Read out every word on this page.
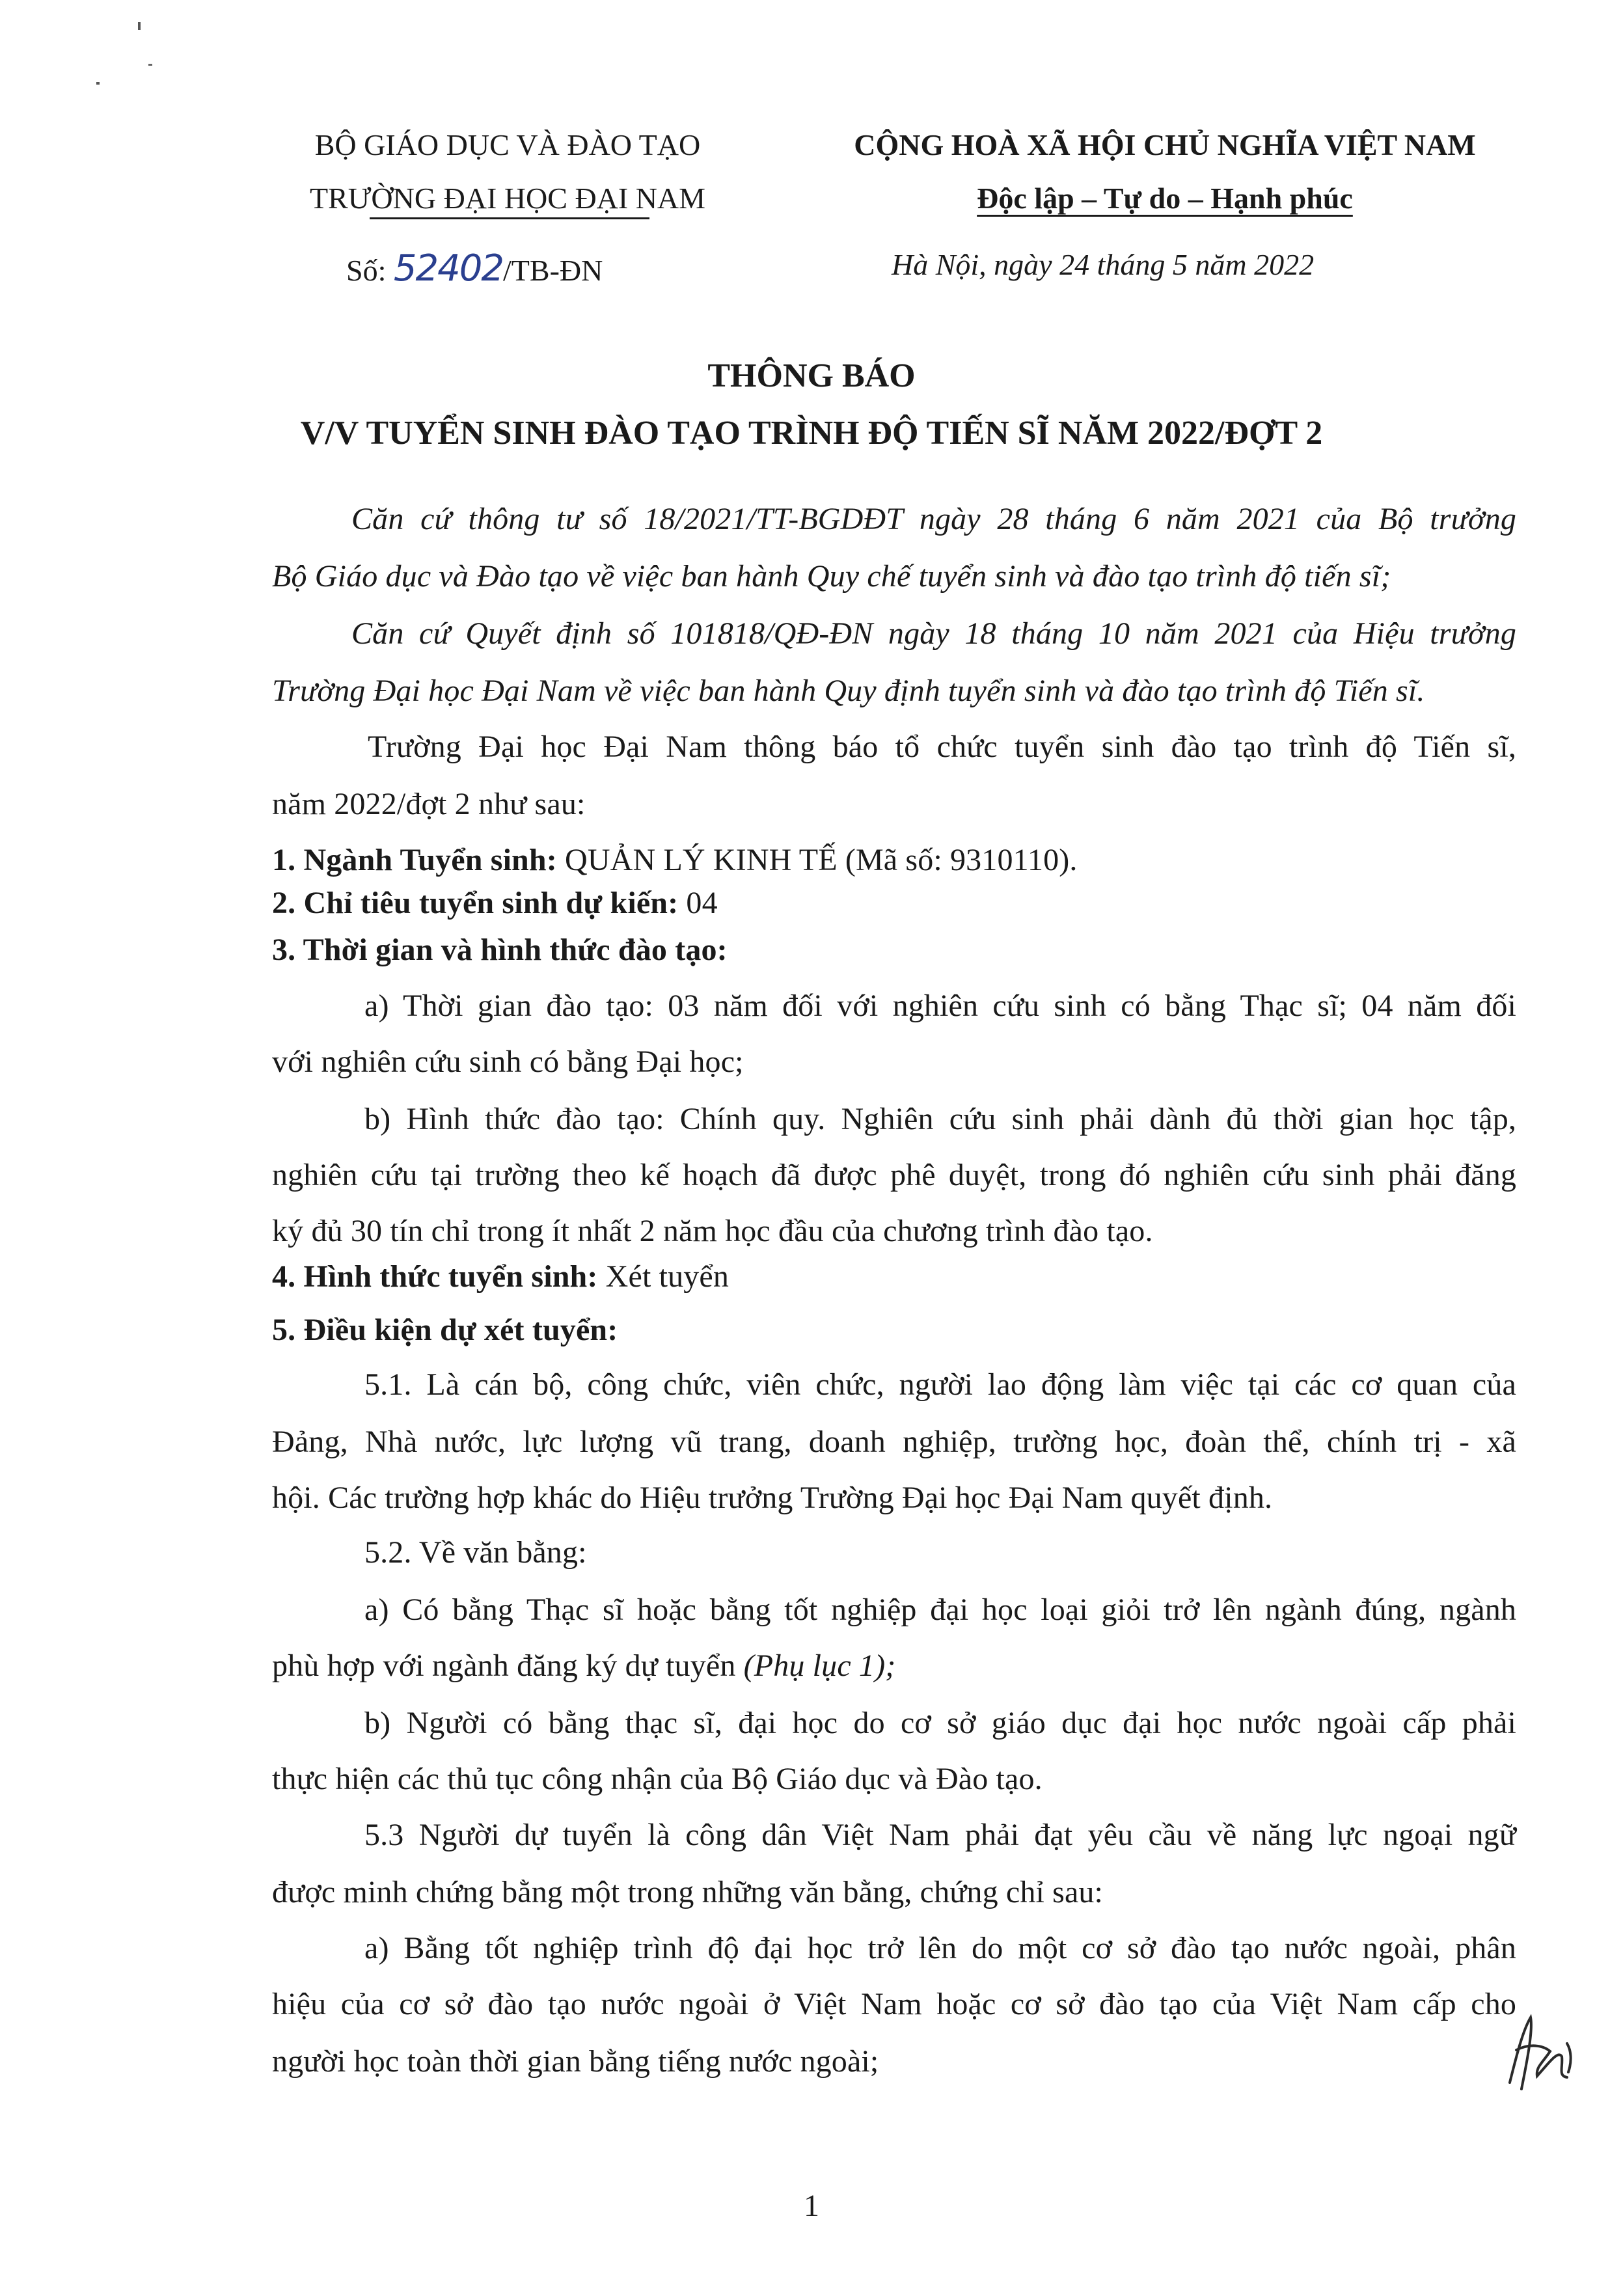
BỘ GIÁO DỤC VÀ ĐÀO TẠO
TRƯỜNG ĐẠI HỌC ĐẠI NAM
Số: 52402/TB-ĐN
CỘNG HOÀ XÃ HỘI CHỦ NGHĨA VIỆT NAM
Độc lập – Tự do – Hạnh phúc
Hà Nội, ngày 24 tháng 5 năm 2022
THÔNG BÁO
V/V TUYỂN SINH ĐÀO TẠO TRÌNH ĐỘ TIẾN SĨ NĂM 2022/ĐỢT 2
Căn cứ thông tư số 18/2021/TT-BGDĐT ngày 28 tháng 6 năm 2021 của Bộ trưởng
Bộ Giáo dục và Đào tạo về việc ban hành Quy chế tuyển sinh và đào tạo trình độ tiến sĩ;
Căn cứ Quyết định số 101818/QĐ-ĐN ngày 18 tháng 10 năm 2021 của Hiệu trưởng
Trường Đại học Đại Nam về việc ban hành Quy định tuyển sinh và đào tạo trình độ Tiến sĩ.
Trường Đại học Đại Nam thông báo tổ chức tuyển sinh đào tạo trình độ Tiến sĩ,
năm 2022/đợt 2 như sau:
1. Ngành Tuyển sinh: QUẢN LÝ KINH TẾ (Mã số: 9310110).
2. Chỉ tiêu tuyển sinh dự kiến: 04
3. Thời gian và hình thức đào tạo:
a) Thời gian đào tạo: 03 năm đối với nghiên cứu sinh có bằng Thạc sĩ; 04 năm đối
với nghiên cứu sinh có bằng Đại học;
b) Hình thức đào tạo: Chính quy. Nghiên cứu sinh phải dành đủ thời gian học tập,
nghiên cứu tại trường theo kế hoạch đã được phê duyệt, trong đó nghiên cứu sinh phải đăng
ký đủ 30 tín chỉ trong ít nhất 2 năm học đầu của chương trình đào tạo.
4. Hình thức tuyển sinh: Xét tuyển
5. Điều kiện dự xét tuyển:
5.1. Là cán bộ, công chức, viên chức, người lao động làm việc tại các cơ quan của
Đảng, Nhà nước, lực lượng vũ trang, doanh nghiệp, trường học, đoàn thể, chính trị - xã
hội. Các trường hợp khác do Hiệu trưởng Trường Đại học Đại Nam quyết định.
5.2. Về văn bằng:
a) Có bằng Thạc sĩ hoặc bằng tốt nghiệp đại học loại giỏi trở lên ngành đúng, ngành
phù hợp với ngành đăng ký dự tuyển (Phụ lục 1);
b) Người có bằng thạc sĩ, đại học do cơ sở giáo dục đại học nước ngoài cấp phải
thực hiện các thủ tục công nhận của Bộ Giáo dục và Đào tạo.
5.3 Người dự tuyển là công dân Việt Nam phải đạt yêu cầu về năng lực ngoại ngữ
được minh chứng bằng một trong những văn bằng, chứng chỉ sau:
a) Bằng tốt nghiệp trình độ đại học trở lên do một cơ sở đào tạo nước ngoài, phân
hiệu của cơ sở đào tạo nước ngoài ở Việt Nam hoặc cơ sở đào tạo của Việt Nam cấp cho
người học toàn thời gian bằng tiếng nước ngoài;
1
